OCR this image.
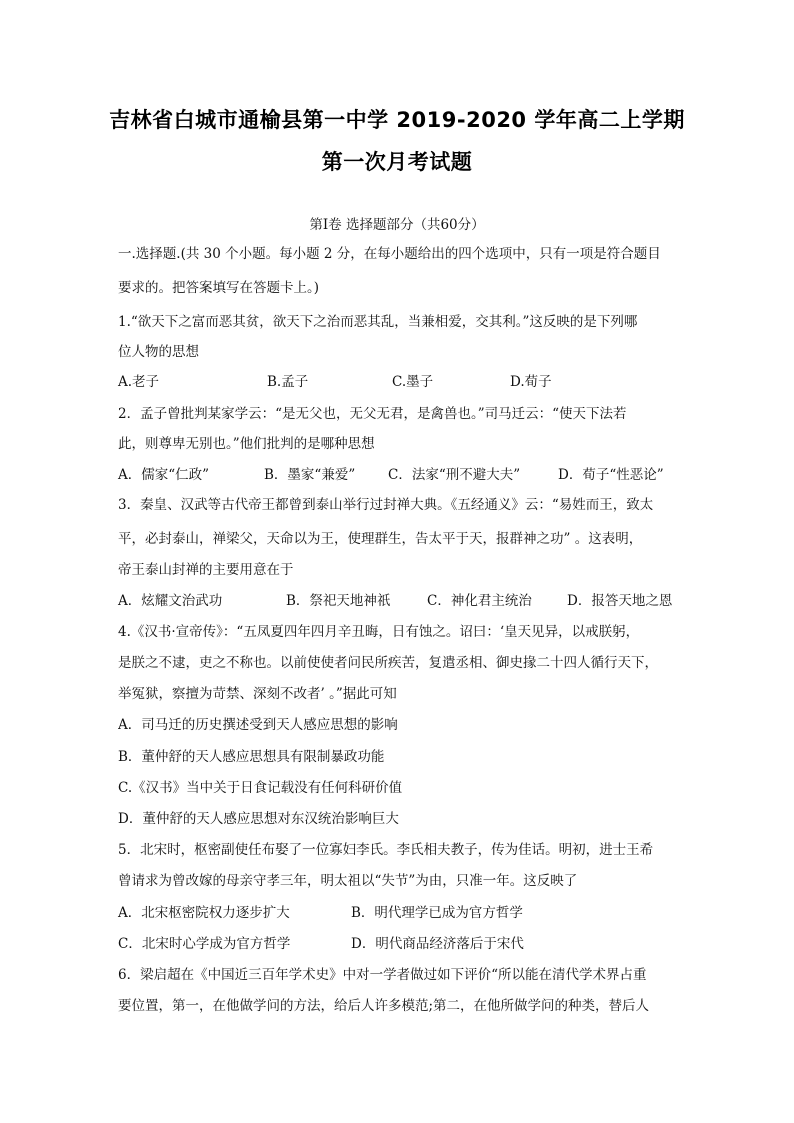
吉林省白城市通榆县第一中学 2019-2020 学年高二上学期
第一次月考试题
第Ⅰ卷 选择题部分（共60分）
一.选择题.(共 30 个小题。每小题 2 分，在每小题给出的四个选项中，只有一项是符合题目
要求的。把答案填写在答题卡上。)
1.“欲天下之富而恶其贫，欲天下之治而恶其乱，当兼相爱，交其利。”这反映的是下列哪
位人物的思想
A.老子	B.孟子	C.墨子	D.荀子
2．孟子曾批判某家学云：“是无父也，无父无君，是禽兽也。”司马迁云：“使天下法若
此，则尊卑无别也。”他们批判的是哪种思想
A．儒家“仁政”	B．墨家“兼爱” C．法家“刑不避大夫”	D．荀子“性恶论”
3．秦皇、汉武等古代帝王都曾到泰山举行过封禅大典。《五经通义》云：“易姓而王，致太
平，必封泰山，禅梁父，天命以为王，使理群生，告太平于天，报群神之功” 。这表明，
帝王泰山封禅的主要用意在于
A．炫耀文治武功	B．祭祀天地神祇	C．神化君主统治	D．报答天地之恩
4.《汉书·宣帝传》：“五凤夏四年四月辛丑晦，日有蚀之。诏曰：‘皇天见异，以戒朕躬，
是朕之不逮，吏之不称也。以前使使者问民所疾苦，复遣丞相、御史掾二十四人循行天下，
举冤狱，察擅为苛禁、深刻不改者’ 。”据此可知
A．司马迁的历史撰述受到天人感应思想的影响
B．董仲舒的天人感应思想具有限制暴政功能
C.《汉书》当中关于日食记载没有任何科研价值
D．董仲舒的天人感应思想对东汉统治影响巨大
5．北宋时，枢密副使任布娶了一位寡妇李氏。李氏相夫教子，传为佳话。明初，进士王希
曾请求为曾改嫁的母亲守孝三年，明太祖以“失节”为由，只准一年。这反映了
A．北宋枢密院权力逐步扩大	B．明代理学已成为官方哲学
C．北宋时心学成为官方哲学	D．明代商品经济落后于宋代
6．梁启超在《中国近三百年学术史》中对一学者做过如下评价“所以能在清代学术界占重
要位置，第一，在他做学问的方法，给后人许多模范;第二，在他所做学问的种类，替后人
